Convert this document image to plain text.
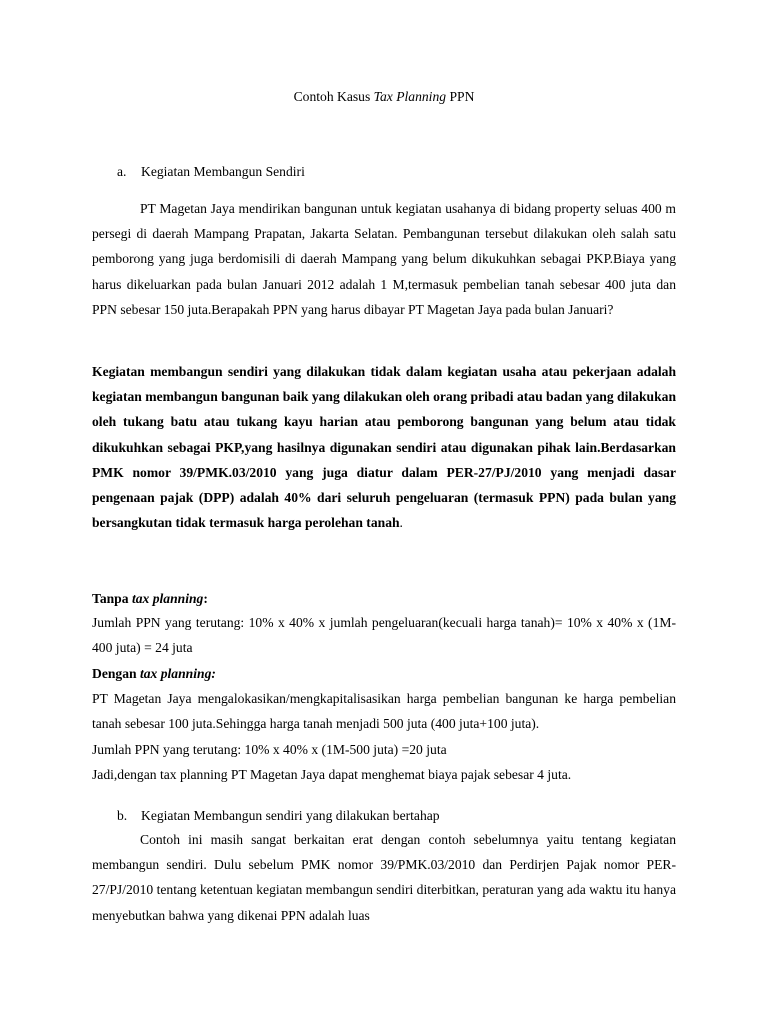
Contoh Kasus Tax Planning PPN
a. Kegiatan Membangun Sendiri
PT Magetan Jaya mendirikan bangunan untuk kegiatan usahanya di bidang property seluas 400 m persegi di daerah Mampang Prapatan, Jakarta Selatan. Pembangunan tersebut dilakukan oleh salah satu pemborong yang juga berdomisili di daerah Mampang yang belum dikukuhkan sebagai PKP.Biaya yang harus dikeluarkan pada bulan Januari 2012 adalah 1 M,termasuk pembelian tanah sebesar 400 juta dan PPN sebesar 150 juta.Berapakah PPN yang harus dibayar PT Magetan Jaya pada bulan Januari?
Kegiatan membangun sendiri yang dilakukan tidak dalam kegiatan usaha atau pekerjaan adalah kegiatan membangun bangunan baik yang dilakukan oleh orang pribadi atau badan yang dilakukan oleh tukang batu atau tukang kayu harian atau pemborong bangunan yang belum atau tidak dikukuhkan sebagai PKP,yang hasilnya digunakan sendiri atau digunakan pihak lain.Berdasarkan PMK nomor 39/PMK.03/2010 yang juga diatur dalam PER-27/PJ/2010 yang menjadi dasar pengenaan pajak (DPP) adalah 40% dari seluruh pengeluaran (termasuk PPN) pada bulan yang bersangkutan tidak termasuk harga perolehan tanah.
Tanpa tax planning:
Jumlah PPN yang terutang: 10% x 40% x jumlah pengeluaran(kecuali harga tanah)= 10% x 40% x (1M-400 juta) = 24 juta
Dengan tax planning:
PT Magetan Jaya mengalokasikan/mengkapitalisasikan harga pembelian bangunan ke harga pembelian tanah sebesar 100 juta.Sehingga harga tanah menjadi 500 juta (400 juta+100 juta).
Jumlah PPN yang terutang: 10% x 40% x (1M-500 juta) =20 juta
Jadi,dengan tax planning PT Magetan Jaya dapat menghemat biaya pajak sebesar 4 juta.
b. Kegiatan Membangun sendiri yang dilakukan bertahap
Contoh ini masih sangat berkaitan erat dengan contoh sebelumnya yaitu tentang kegiatan membangun sendiri. Dulu sebelum PMK nomor 39/PMK.03/2010 dan Perdirjen Pajak nomor PER-27/PJ/2010 tentang ketentuan kegiatan membangun sendiri diterbitkan, peraturan yang ada waktu itu hanya menyebutkan bahwa yang dikenai PPN adalah luas
